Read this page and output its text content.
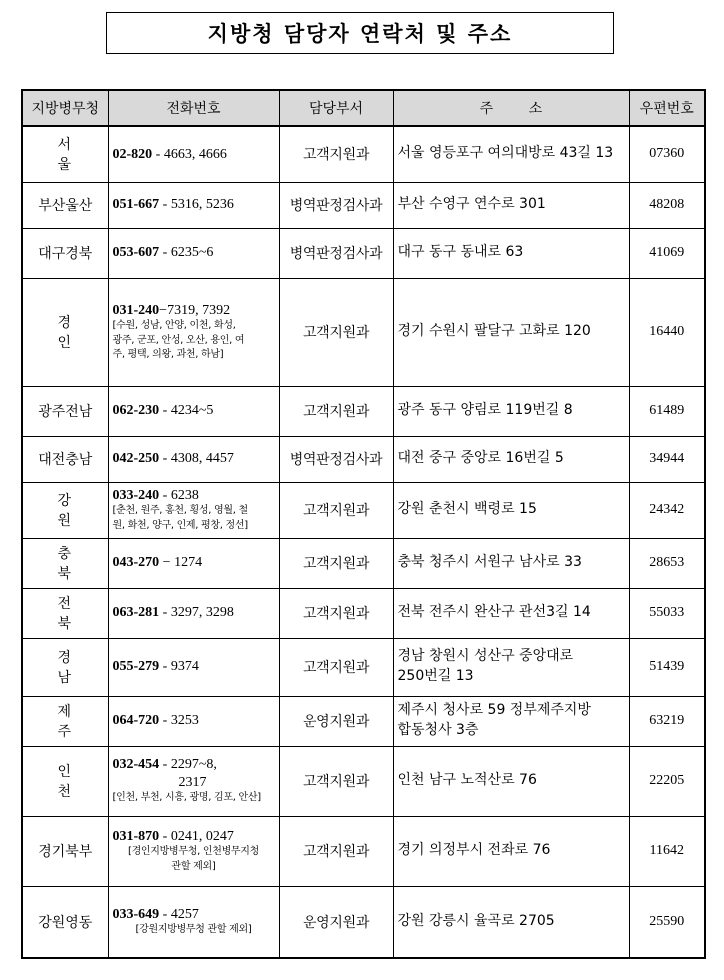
지방청 담당자 연락처 및 주소
지방병무청	전화번호	담당부서	주        소	우편번호
서 울	02-820 - 4663, 4666	고객지원과	서울 영등포구 여의대방로 43길 13	07360
부산울산	051-667 - 5316, 5236	병역판정검사과	부산 수영구 연수로 301	48208
대구경북	053-607 - 6235~6	병역판정검사과	대구 동구 동내로 63	41069
경 인	031-240−7319, 7392
[수원, 성남, 안양, 이천, 화성,
광주, 군포, 안성, 오산, 용인, 여
주, 평택, 의왕, 과천, 하남]	고객지원과	경기 수원시 팔달구 고화로 120	16440
광주전남	062-230 - 4234~5	고객지원과	광주 동구 양림로 119번길 8	61489
대전충남	042-250 - 4308, 4457	병역판정검사과	대전 중구 중앙로 16번길 5	34944
강 원	033-240 - 6238
[춘천, 원주, 홍천, 횡성, 영월, 철
원, 화천, 양구, 인제, 평창, 정선]	고객지원과	강원 춘천시 백령로 15	24342
충 북	043-270 − 1274	고객지원과	충북 청주시 서원구 남사로 33	28653
전 북	063-281 - 3297, 3298	고객지원과	전북 전주시 완산구 관선3길 14	55033
경 남	055-279 - 9374	고객지원과	경남 창원시 성산구 중앙대로
250번길 13	51439
제 주	064-720 - 3253	운영지원과	제주시 청사로 59 정부제주지방
합동청사 3층	63219
인 천	032-454 - 2297~8,
2317
[인천, 부천, 시흥, 광명, 김포, 안산]	고객지원과	인천 남구 노적산로 76	22205
경기북부	031-870 - 0241, 0247
[경인지방병무청, 인천병무지청
관할 제외]	고객지원과	경기 의정부시 전좌로 76	11642
강원영동	033-649 - 4257
[강원지방병무청 관할 제외]	운영지원과	강원 강릉시 율곡로 2705	25590
